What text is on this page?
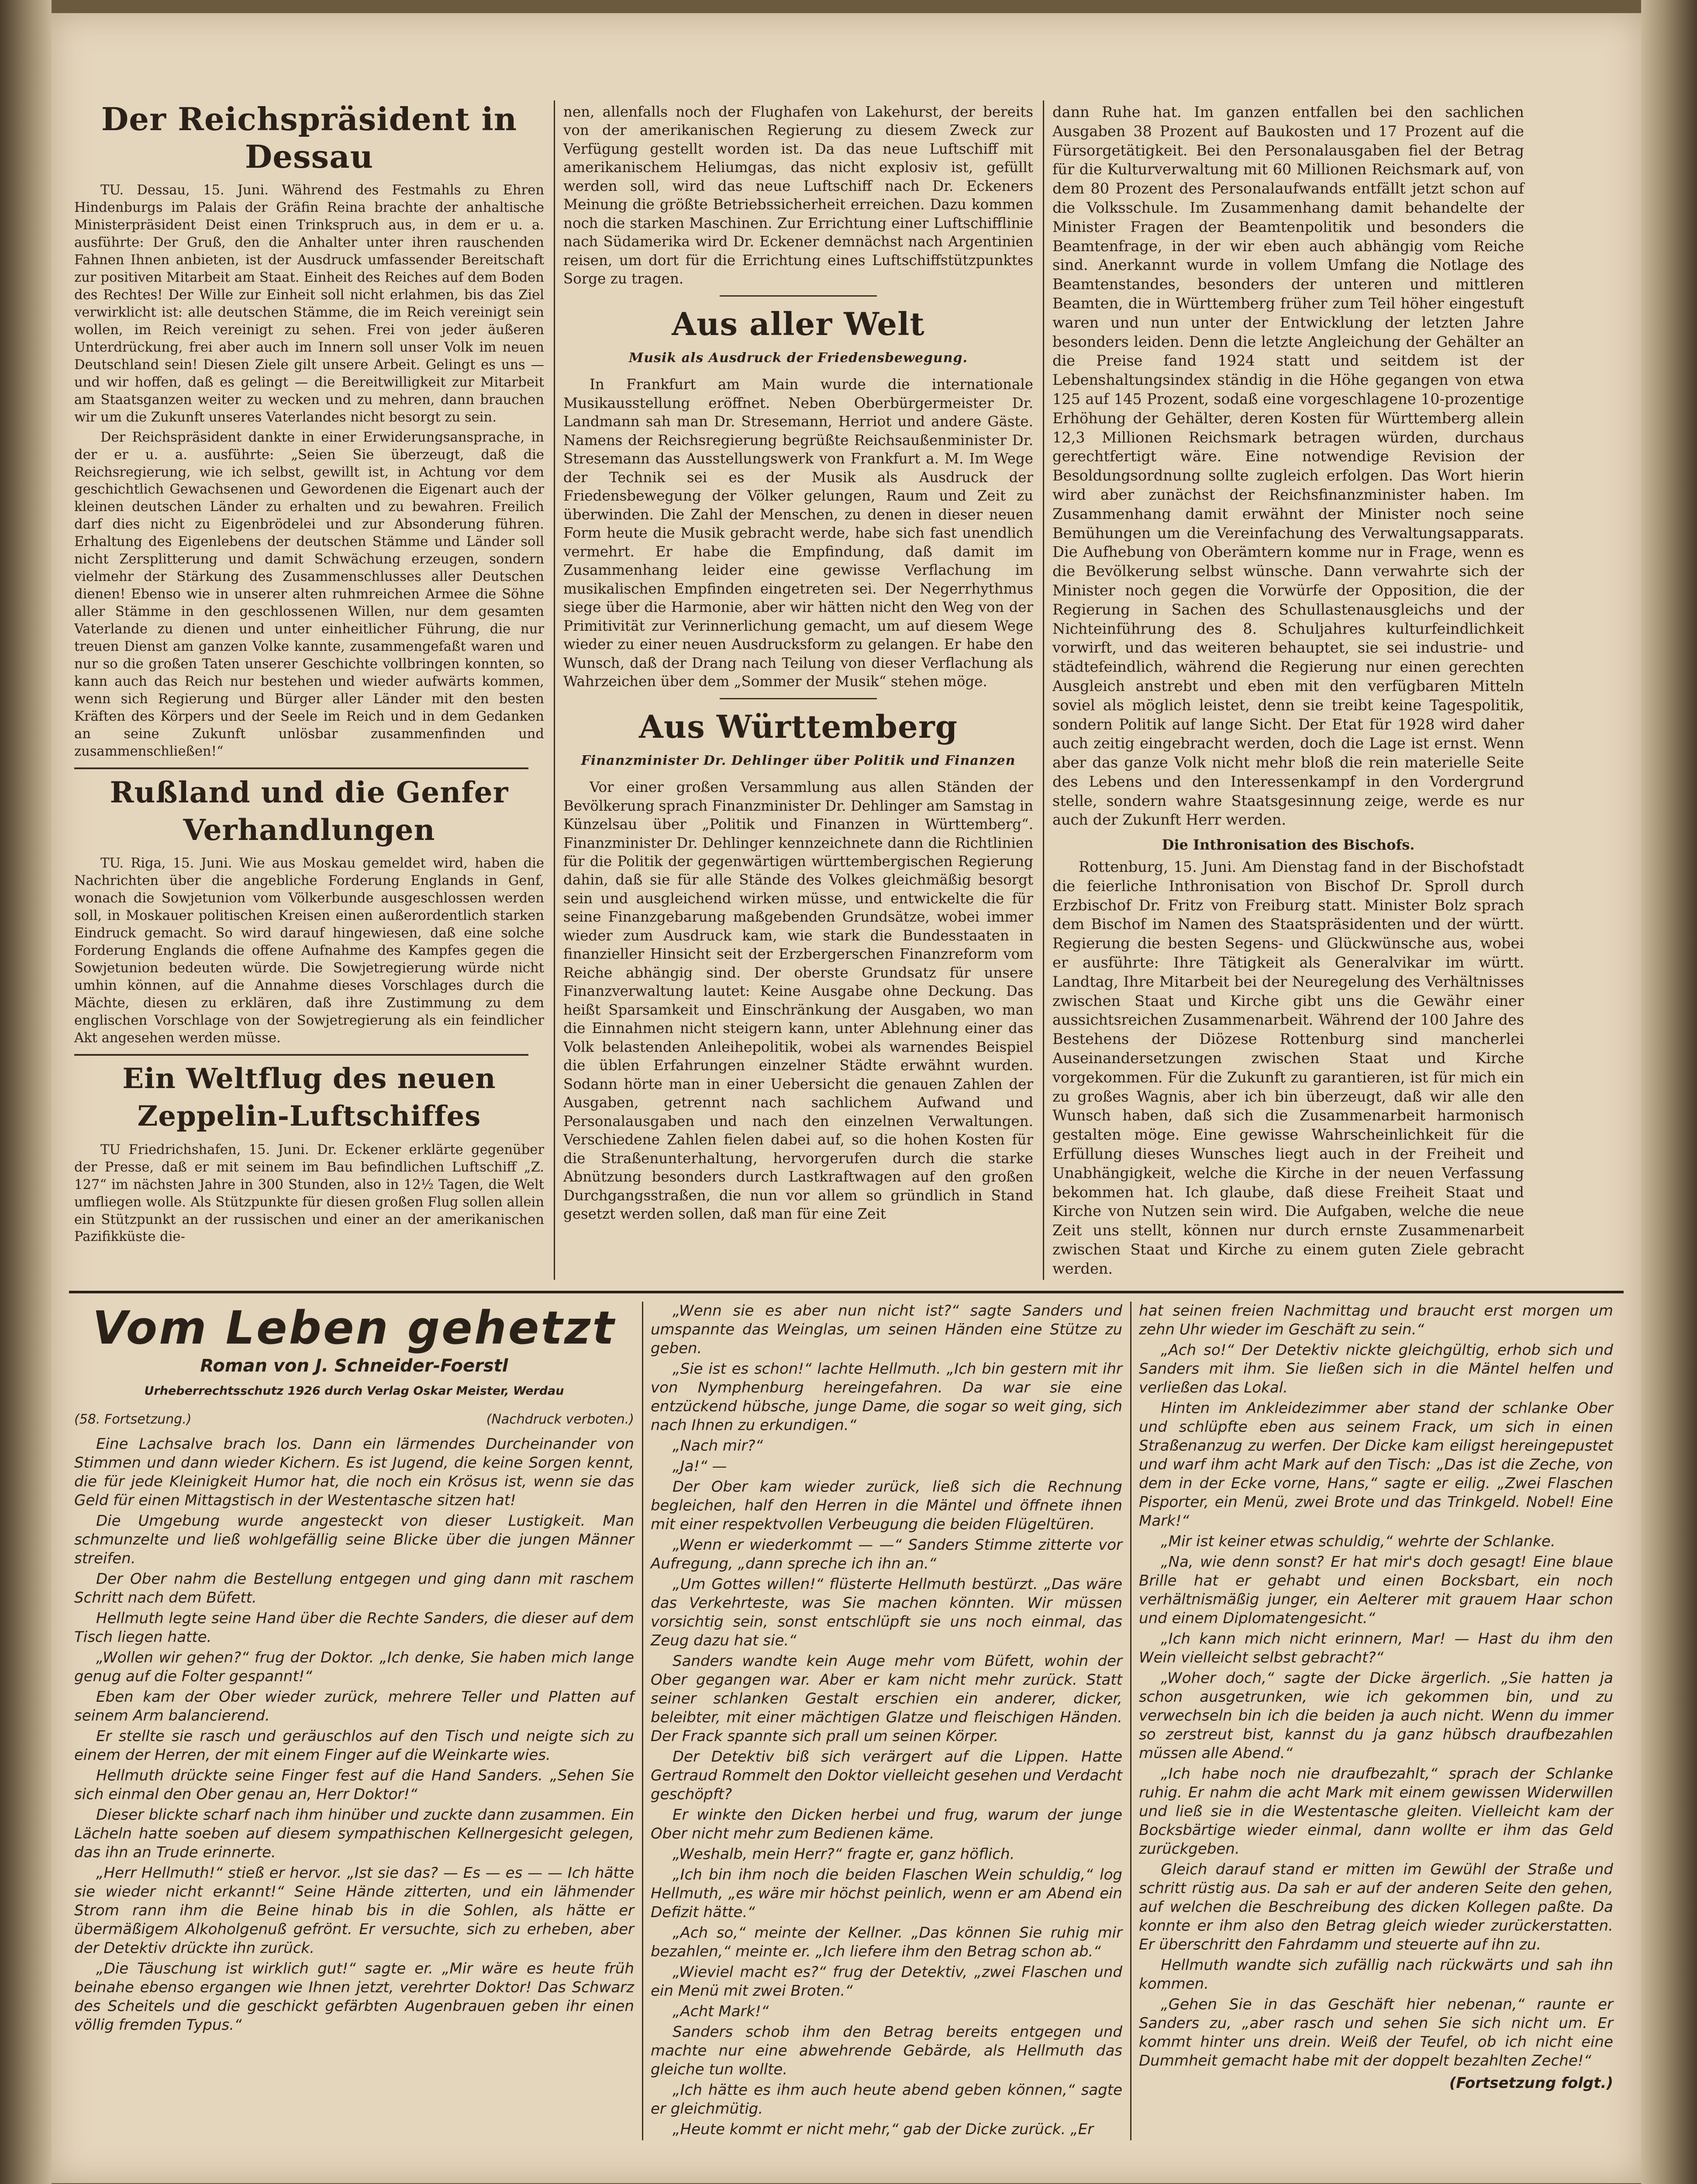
Der Reichspräsident in Dessau

TU. Dessau, 15. Juni. Während des Festmahls zu Ehren Hindenburgs im Palais der Gräfin Reina brachte der anhaltische Ministerpräsident Deist einen Trinkspruch aus, in dem er u. a. ausführte: Der Gruß, den die Anhalter unter ihren rauschenden Fahnen Ihnen anbieten, ist der Ausdruck umfassender Bereitschaft zur positiven Mitarbeit am Staat. Einheit des Reiches auf dem Boden des Rechtes! Der Wille zur Einheit soll nicht erlahmen, bis das Ziel verwirklicht ist: alle deutschen Stämme, die im Reich vereinigt sein wollen, im Reich vereinigt zu sehen. Frei von jeder äußeren Unterdrückung, frei aber auch im Innern soll unser Volk im neuen Deutschland sein! Diesen Ziele gilt unsere Arbeit. Gelingt es uns — und wir hoffen, daß es gelingt — die Bereitwilligkeit zur Mitarbeit am Staatsganzen weiter zu wecken und zu mehren, dann brauchen wir um die Zukunft unseres Vaterlandes nicht besorgt zu sein.

Der Reichspräsident dankte in einer Erwiderungsansprache, in der er u. a. ausführte: „Seien Sie überzeugt, daß die Reichsregierung, wie ich selbst, gewillt ist, in Achtung vor dem geschichtlich Gewachsenen und Gewordenen die Eigenart auch der kleinen deutschen Länder zu erhalten und zu bewahren. Freilich darf dies nicht zu Eigenbrödelei und zur Absonderung führen. Erhaltung des Eigenlebens der deutschen Stämme und Länder soll nicht Zersplitterung und damit Schwächung erzeugen, sondern vielmehr der Stärkung des Zusammenschlusses aller Deutschen dienen! Ebenso wie in unserer alten ruhmreichen Armee die Söhne aller Stämme in den geschlossenen Willen, nur dem gesamten Vaterlande zu dienen und unter einheitlicher Führung, die nur treuen Dienst am ganzen Volke kannte, zusammengefaßt waren und nur so die großen Taten unserer Geschichte vollbringen konnten, so kann auch das Reich nur bestehen und wieder aufwärts kommen, wenn sich Regierung und Bürger aller Länder mit den besten Kräften des Körpers und der Seele im Reich und in dem Gedanken an seine Zukunft unlösbar zusammenfinden und zusammenschließen!“

Rußland und die Genfer Verhandlungen

TU. Riga, 15. Juni. Wie aus Moskau gemeldet wird, haben die Nachrichten über die angebliche Forderung Englands in Genf, wonach die Sowjetunion vom Völkerbunde ausgeschlossen werden soll, in Moskauer politischen Kreisen einen außerordentlich starken Eindruck gemacht. So wird darauf hingewiesen, daß eine solche Forderung Englands die offene Aufnahme des Kampfes gegen die Sowjetunion bedeuten würde. Die Sowjetregierung würde nicht umhin können, auf die Annahme dieses Vorschlages durch die Mächte, diesen zu erklären, daß ihre Zustimmung zu dem englischen Vorschlage von der Sowjetregierung als ein feindlicher Akt angesehen werden müsse.

Ein Weltflug des neuen Zeppelin-Luftschiffes

TU Friedrichshafen, 15. Juni. Dr. Eckener erklärte gegenüber der Presse, daß er mit seinem im Bau befindlichen Luftschiff „Z. 127“ im nächsten Jahre in 300 Stunden, also in 12½ Tagen, die Welt umfliegen wolle. Als Stützpunkte für diesen großen Flug sollen allein ein Stützpunkt an der russischen und einer an der amerikanischen Pazifikküste die-

nen, allenfalls noch der Flughafen von Lakehurst, der bereits von der amerikanischen Regierung zu diesem Zweck zur Verfügung gestellt worden ist. Da das neue Luftschiff mit amerikanischem Heliumgas, das nicht explosiv ist, gefüllt werden soll, wird das neue Luftschiff nach Dr. Eckeners Meinung die größte Betriebssicherheit erreichen. Dazu kommen noch die starken Maschinen. Zur Errichtung einer Luftschifflinie nach Südamerika wird Dr. Eckener demnächst nach Argentinien reisen, um dort für die Errichtung eines Luftschiffstützpunktes Sorge zu tragen.

Aus aller Welt
Musik als Ausdruck der Friedensbewegung.

In Frankfurt am Main wurde die internationale Musikausstellung eröffnet. Neben Oberbürgermeister Dr. Landmann sah man Dr. Stresemann, Herriot und andere Gäste. Namens der Reichsregierung begrüßte Reichsaußenminister Dr. Stresemann das Ausstellungswerk von Frankfurt a. M. Im Wege der Technik sei es der Musik als Ausdruck der Friedensbewegung der Völker gelungen, Raum und Zeit zu überwinden. Die Zahl der Menschen, zu denen in dieser neuen Form heute die Musik gebracht werde, habe sich fast unendlich vermehrt. Er habe die Empfindung, daß damit im Zusammenhang leider eine gewisse Verflachung im musikalischen Empfinden eingetreten sei. Der Negerrhythmus siege über die Harmonie, aber wir hätten nicht den Weg von der Primitivität zur Verinnerlichung gemacht, um auf diesem Wege wieder zu einer neuen Ausdrucksform zu gelangen. Er habe den Wunsch, daß der Drang nach Teilung von dieser Verflachung als Wahrzeichen über dem „Sommer der Musik“ stehen möge.

Aus Württemberg
Finanzminister Dr. Dehlinger über Politik und Finanzen

Vor einer großen Versammlung aus allen Ständen der Bevölkerung sprach Finanzminister Dr. Dehlinger am Samstag in Künzelsau über „Politik und Finanzen in Württemberg“. Finanzminister Dr. Dehlinger kennzeichnete dann die Richtlinien für die Politik der gegenwärtigen württembergischen Regierung dahin, daß sie für alle Stände des Volkes gleichmäßig besorgt sein und ausgleichend wirken müsse, und entwickelte die für seine Finanzgebarung maßgebenden Grundsätze, wobei immer wieder zum Ausdruck kam, wie stark die Bundesstaaten in finanzieller Hinsicht seit der Erzbergerschen Finanzreform vom Reiche abhängig sind. Der oberste Grundsatz für unsere Finanzverwaltung lautet: Keine Ausgabe ohne Deckung. Das heißt Sparsamkeit und Einschränkung der Ausgaben, wo man die Einnahmen nicht steigern kann, unter Ablehnung einer das Volk belastenden Anleihepolitik, wobei als warnendes Beispiel die üblen Erfahrungen einzelner Städte erwähnt wurden. Sodann hörte man in einer Uebersicht die genauen Zahlen der Ausgaben, getrennt nach sachlichem Aufwand und Personalausgaben und nach den einzelnen Verwaltungen. Verschiedene Zahlen fielen dabei auf, so die hohen Kosten für die Straßenunterhaltung, hervorgerufen durch die starke Abnützung besonders durch Lastkraftwagen auf den großen Durchgangsstraßen, die nun vor allem so gründlich in Stand gesetzt werden sollen, daß man für eine Zeit

dann Ruhe hat. Im ganzen entfallen bei den sachlichen Ausgaben 38 Prozent auf Baukosten und 17 Prozent auf die Fürsorgetätigkeit. Bei den Personalausgaben fiel der Betrag für die Kulturverwaltung mit 60 Millionen Reichsmark auf, von dem 80 Prozent des Personalaufwands entfällt jetzt schon auf die Volksschule. Im Zusammenhang damit behandelte der Minister Fragen der Beamtenpolitik und besonders die Beamtenfrage, in der wir eben auch abhängig vom Reiche sind. Anerkannt wurde in vollem Umfang die Notlage des Beamtenstandes, besonders der unteren und mittleren Beamten, die in Württemberg früher zum Teil höher eingestuft waren und nun unter der Entwicklung der letzten Jahre besonders leiden. Denn die letzte Angleichung der Gehälter an die Preise fand 1924 statt und seitdem ist der Lebenshaltungsindex ständig in die Höhe gegangen von etwa 125 auf 145 Prozent, sodaß eine vorgeschlagene 10-prozentige Erhöhung der Gehälter, deren Kosten für Württemberg allein 12,3 Millionen Reichsmark betragen würden, durchaus gerechtfertigt wäre. Eine notwendige Revision der Besoldungsordnung sollte zugleich erfolgen. Das Wort hierin wird aber zunächst der Reichsfinanzminister haben. Im Zusammenhang damit erwähnt der Minister noch seine Bemühungen um die Vereinfachung des Verwaltungsapparats. Die Aufhebung von Oberämtern komme nur in Frage, wenn es die Bevölkerung selbst wünsche. Dann verwahrte sich der Minister noch gegen die Vorwürfe der Opposition, die der Regierung in Sachen des Schullastenausgleichs und der Nichteinführung des 8. Schuljahres kulturfeindlichkeit vorwirft, und das weiteren behauptet, sie sei industrie- und städtefeindlich, während die Regierung nur einen gerechten Ausgleich anstrebt und eben mit den verfügbaren Mitteln soviel als möglich leistet, denn sie treibt keine Tagespolitik, sondern Politik auf lange Sicht. Der Etat für 1928 wird daher auch zeitig eingebracht werden, doch die Lage ist ernst. Wenn aber das ganze Volk nicht mehr bloß die rein materielle Seite des Lebens und den Interessenkampf in den Vordergrund stelle, sondern wahre Staatsgesinnung zeige, werde es nur auch der Zukunft Herr werden.

Die Inthronisation des Bischofs.

Rottenburg, 15. Juni. Am Dienstag fand in der Bischofstadt die feierliche Inthronisation von Bischof Dr. Sproll durch Erzbischof Dr. Fritz von Freiburg statt. Minister Bolz sprach dem Bischof im Namen des Staatspräsidenten und der württ. Regierung die besten Segens- und Glückwünsche aus, wobei er ausführte: Ihre Tätigkeit als Generalvikar im württ. Landtag, Ihre Mitarbeit bei der Neuregelung des Verhältnisses zwischen Staat und Kirche gibt uns die Gewähr einer aussichtsreichen Zusammenarbeit. Während der 100 Jahre des Bestehens der Diözese Rottenburg sind mancherlei Auseinandersetzungen zwischen Staat und Kirche vorgekommen. Für die Zukunft zu garantieren, ist für mich ein zu großes Wagnis, aber ich bin überzeugt, daß wir alle den Wunsch haben, daß sich die Zusammenarbeit harmonisch gestalten möge. Eine gewisse Wahrscheinlichkeit für die Erfüllung dieses Wunsches liegt auch in der Freiheit und Unabhängigkeit, welche die Kirche in der neuen Verfassung bekommen hat. Ich glaube, daß diese Freiheit Staat und Kirche von Nutzen sein wird. Die Aufgaben, welche die neue Zeit uns stellt, können nur durch ernste Zusammenarbeit zwischen Staat und Kirche zu einem guten Ziele gebracht werden.

Vom Leben gehetzt
Roman von J. Schneider-Foerstl
Urheberrechtsschutz 1926 durch Verlag Oskar Meister, Werdau
(58. Fortsetzung.)	(Nachdruck verboten.)

Eine Lachsalve brach los. Dann ein lärmendes Durcheinander von Stimmen und dann wieder Kichern. Es ist Jugend, die keine Sorgen kennt, die für jede Kleinigkeit Humor hat, die noch ein Krösus ist, wenn sie das Geld für einen Mittagstisch in der Westentasche sitzen hat!

Die Umgebung wurde angesteckt von dieser Lustigkeit. Man schmunzelte und ließ wohlgefällig seine Blicke über die jungen Männer streifen.

Der Ober nahm die Bestellung entgegen und ging dann mit raschem Schritt nach dem Büfett.

Hellmuth legte seine Hand über die Rechte Sanders, die dieser auf dem Tisch liegen hatte.

„Wollen wir gehen?“ frug der Doktor. „Ich denke, Sie haben mich lange genug auf die Folter gespannt!“

Eben kam der Ober wieder zurück, mehrere Teller und Platten auf seinem Arm balancierend.

Er stellte sie rasch und geräuschlos auf den Tisch und neigte sich zu einem der Herren, der mit einem Finger auf die Weinkarte wies.

Hellmuth drückte seine Finger fest auf die Hand Sanders. „Sehen Sie sich einmal den Ober genau an, Herr Doktor!“

Dieser blickte scharf nach ihm hinüber und zuckte dann zusammen. Ein Lächeln hatte soeben auf diesem sympathischen Kellnergesicht gelegen, das ihn an Trude erinnerte.

„Herr Hellmuth!“ stieß er hervor. „Ist sie das? — Es — es — — Ich hätte sie wieder nicht erkannt!“ Seine Hände zitterten, und ein lähmender Strom rann ihm die Beine hinab bis in die Sohlen, als hätte er übermäßigem Alkoholgenuß gefrönt. Er versuchte, sich zu erheben, aber der Detektiv drückte ihn zurück.

„Die Täuschung ist wirklich gut!“ sagte er. „Mir wäre es heute früh beinahe ebenso ergangen wie Ihnen jetzt, verehrter Doktor! Das Schwarz des Scheitels und die geschickt gefärbten Augenbrauen geben ihr einen völlig fremden Typus.“

„Wenn sie es aber nun nicht ist?“ sagte Sanders und umspannte das Weinglas, um seinen Händen eine Stütze zu geben.

„Sie ist es schon!“ lachte Hellmuth. „Ich bin gestern mit ihr von Nymphenburg hereingefahren. Da war sie eine entzückend hübsche, junge Dame, die sogar so weit ging, sich nach Ihnen zu erkundigen.“

„Nach mir?“

„Ja!“ —

Der Ober kam wieder zurück, ließ sich die Rechnung begleichen, half den Herren in die Mäntel und öffnete ihnen mit einer respektvollen Verbeugung die beiden Flügeltüren.

„Wenn er wiederkommt — —“ Sanders Stimme zitterte vor Aufregung, „dann spreche ich ihn an.“

„Um Gottes willen!“ flüsterte Hellmuth bestürzt. „Das wäre das Verkehrteste, was Sie machen könnten. Wir müssen vorsichtig sein, sonst entschlüpft sie uns noch einmal, das Zeug dazu hat sie.“

Sanders wandte kein Auge mehr vom Büfett, wohin der Ober gegangen war. Aber er kam nicht mehr zurück. Statt seiner schlanken Gestalt erschien ein anderer, dicker, beleibter, mit einer mächtigen Glatze und fleischigen Händen. Der Frack spannte sich prall um seinen Körper.

Der Detektiv biß sich verärgert auf die Lippen. Hatte Gertraud Rommelt den Doktor vielleicht gesehen und Verdacht geschöpft?

Er winkte den Dicken herbei und frug, warum der junge Ober nicht mehr zum Bedienen käme.

„Weshalb, mein Herr?“ fragte er, ganz höflich.

„Ich bin ihm noch die beiden Flaschen Wein schuldig,“ log Hellmuth, „es wäre mir höchst peinlich, wenn er am Abend ein Defizit hätte.“

„Ach so,“ meinte der Kellner. „Das können Sie ruhig mir bezahlen,“ meinte er. „Ich liefere ihm den Betrag schon ab.“

„Wieviel macht es?“ frug der Detektiv, „zwei Flaschen und ein Menü mit zwei Broten.“

„Acht Mark!“

Sanders schob ihm den Betrag bereits entgegen und machte nur eine abwehrende Gebärde, als Hellmuth das gleiche tun wollte.

„Ich hätte es ihm auch heute abend geben können,“ sagte er gleichmütig.

„Heute kommt er nicht mehr,“ gab der Dicke zurück. „Er

hat seinen freien Nachmittag und braucht erst morgen um zehn Uhr wieder im Geschäft zu sein.“

„Ach so!“ Der Detektiv nickte gleichgültig, erhob sich und Sanders mit ihm. Sie ließen sich in die Mäntel helfen und verließen das Lokal.

Hinten im Ankleidezimmer aber stand der schlanke Ober und schlüpfte eben aus seinem Frack, um sich in einen Straßenanzug zu werfen. Der Dicke kam eiligst hereingepustet und warf ihm acht Mark auf den Tisch: „Das ist die Zeche, von dem in der Ecke vorne, Hans,“ sagte er eilig. „Zwei Flaschen Pisporter, ein Menü, zwei Brote und das Trinkgeld. Nobel! Eine Mark!“

„Mir ist keiner etwas schuldig,“ wehrte der Schlanke.

„Na, wie denn sonst? Er hat mir's doch gesagt! Eine blaue Brille hat er gehabt und einen Bocksbart, ein noch verhältnismäßig junger, ein Aelterer mit grauem Haar schon und einem Diplomatengesicht.“

„Ich kann mich nicht erinnern, Mar! — Hast du ihm den Wein vielleicht selbst gebracht?“

„Woher doch,“ sagte der Dicke ärgerlich. „Sie hatten ja schon ausgetrunken, wie ich gekommen bin, und zu verwechseln bin ich die beiden ja auch nicht. Wenn du immer so zerstreut bist, kannst du ja ganz hübsch draufbezahlen müssen alle Abend.“

„Ich habe noch nie draufbezahlt,“ sprach der Schlanke ruhig. Er nahm die acht Mark mit einem gewissen Widerwillen und ließ sie in die Westentasche gleiten. Vielleicht kam der Bocksbärtige wieder einmal, dann wollte er ihm das Geld zurückgeben.

Gleich darauf stand er mitten im Gewühl der Straße und schritt rüstig aus. Da sah er auf der anderen Seite den gehen, auf welchen die Beschreibung des dicken Kollegen paßte. Da konnte er ihm also den Betrag gleich wieder zurückerstatten. Er überschritt den Fahrdamm und steuerte auf ihn zu.

Hellmuth wandte sich zufällig nach rückwärts und sah ihn kommen.

„Gehen Sie in das Geschäft hier nebenan,“ raunte er Sanders zu, „aber rasch und sehen Sie sich nicht um. Er kommt hinter uns drein. Weiß der Teufel, ob ich nicht eine Dummheit gemacht habe mit der doppelt bezahlten Zeche!“

(Fortsetzung folgt.)
